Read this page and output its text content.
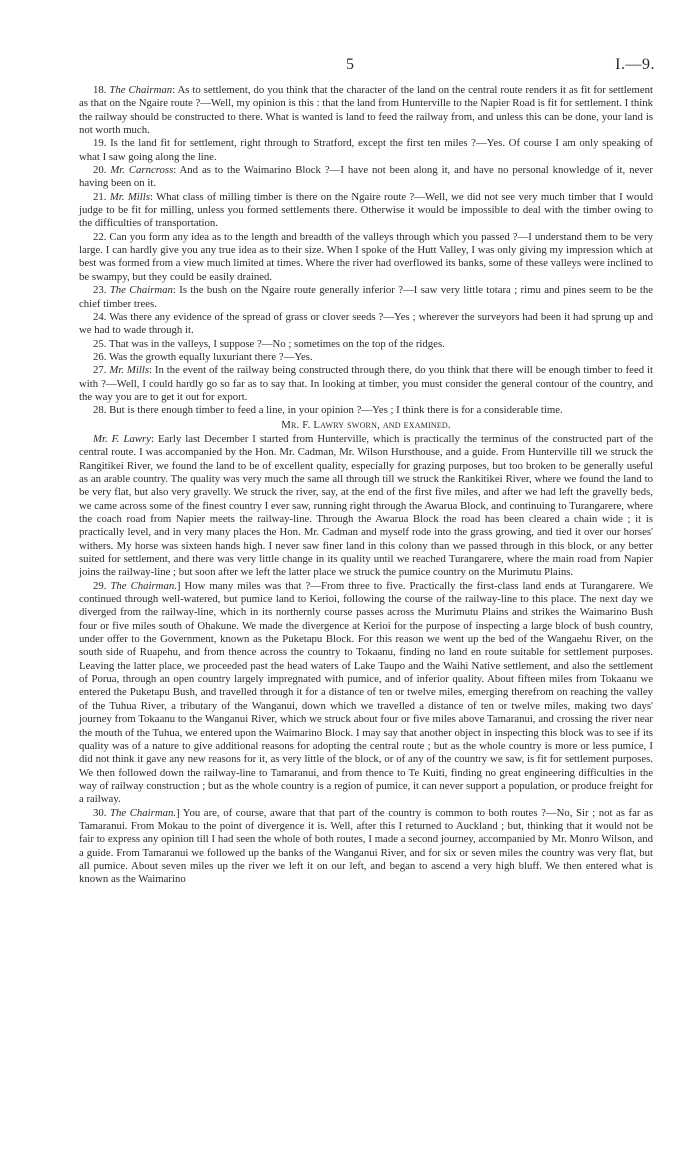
5	I.—9.

18. The Chairman: As to settlement, do you think that the character of the land on the central route renders it as fit for settlement as that on the Ngaire route ?—Well, my opinion is this : that the land from Hunterville to the Napier Road is fit for settlement. I think the railway should be constructed to there. What is wanted is land to feed the railway from, and unless this can be done, your land is not worth much.

19. Is the land fit for settlement, right through to Stratford, except the first ten miles ?—Yes. Of course I am only speaking of what I saw going along the line.

20. Mr. Carncross: And as to the Waimarino Block ?—I have not been along it, and have no personal knowledge of it, never having been on it.

21. Mr. Mills: What class of milling timber is there on the Ngaire route ?—Well, we did not see very much timber that I would judge to be fit for milling, unless you formed settlements there. Otherwise it would be impossible to deal with the timber owing to the difficulties of transportation.

22. Can you form any idea as to the length and breadth of the valleys through which you passed ?—I understand them to be very large. I can hardly give you any true idea as to their size. When I spoke of the Hutt Valley, I was only giving my impression which at best was formed from a view much limited at times. Where the river had overflowed its banks, some of these valleys were inclined to be swampy, but they could be easily drained.

23. The Chairman: Is the bush on the Ngaire route generally inferior ?—I saw very little totara ; rimu and pines seem to be the chief timber trees.

24. Was there any evidence of the spread of grass or clover seeds ?—Yes ; wherever the surveyors had been it had sprung up and we had to wade through it.

25. That was in the valleys, I suppose ?—No ; sometimes on the top of the ridges.

26. Was the growth equally luxuriant there ?—Yes.

27. Mr. Mills: In the event of the railway being constructed through there, do you think that there will be enough timber to feed it with ?—Well, I could hardly go so far as to say that. In looking at timber, you must consider the general contour of the country, and the way you are to get it out for export.

28. But is there enough timber to feed a line, in your opinion ?—Yes ; I think there is for a considerable time.

Mr. F. Lawry sworn, and examined.

Mr. F. Lawry: Early last December I started from Hunterville, which is practically the terminus of the constructed part of the central route. I was accompanied by the Hon. Mr. Cadman, Mr. Wilson Hursthouse, and a guide. From Hunterville till we struck the Rangitikei River, we found the land to be of excellent quality, especially for grazing purposes, but too broken to be generally useful as an arable country. The quality was very much the same all through till we struck the Rankitikei River, where we found the land to be very flat, but also very gravelly. We struck the river, say, at the end of the first five miles, and after we had left the gravelly beds, we came across some of the finest country I ever saw, running right through the Awarua Block, and continuing to Turangarere, where the coach road from Napier meets the railway-line. Through the Awarua Block the road has been cleared a chain wide ; it is practically level, and in very many places the Hon. Mr. Cadman and myself rode into the grass growing, and tied it over our horses' withers. My horse was sixteen hands high. I never saw finer land in this colony than we passed through in this block, or any better suited for settlement, and there was very little change in its quality until we reached Turangarere, where the main road from Napier joins the railway-line ; but soon after we left the latter place we struck the pumice country on the Murimutu Plains.

29. The Chairman.] How many miles was that ?—From three to five. Practically the first-class land ends at Turangarere. We continued through well-watered, but pumice land to Kerioi, following the course of the railway-line to this place. The next day we diverged from the railway-line, which in its northernly course passes across the Murimutu Plains and strikes the Waimarino Bush four or five miles south of Ohakune. We made the divergence at Kerioi for the purpose of inspecting a large block of bush country, under offer to the Government, known as the Puketapu Block. For this reason we went up the bed of the Wangaehu River, on the south side of Ruapehu, and from thence across the country to Tokaanu, finding no land en route suitable for settlement purposes. Leaving the latter place, we proceeded past the head waters of Lake Taupo and the Waihi Native settlement, and also the settlement of Porua, through an open country largely impregnated with pumice, and of inferior quality. About fifteen miles from Tokaanu we entered the Puketapu Bush, and travelled through it for a distance of ten or twelve miles, emerging therefrom on reaching the valley of the Tuhua River, a tributary of the Wanganui, down which we travelled a distance of ten or twelve miles, making two days' journey from Tokaanu to the Wanganui River, which we struck about four or five miles above Tamaranui, and crossing the river near the mouth of the Tuhua, we entered upon the Waimarino Block. I may say that another object in inspecting this block was to see if its quality was of a nature to give additional reasons for adopting the central route ; but as the whole country is more or less pumice, I did not think it gave any new reasons for it, as very little of the block, or of any of the country we saw, is fit for settlement purposes. We then followed down the railway-line to Tamaranui, and from thence to Te Kuiti, finding no great engineering difficulties in the way of railway construction ; but as the whole country is a region of pumice, it can never support a population, or produce freight for a railway.

30. The Chairman.] You are, of course, aware that that part of the country is common to both routes ?—No, Sir ; not as far as Tamaranui. From Mokau to the point of divergence it is. Well, after this I returned to Auckland ; but, thinking that it would not be fair to express any opinion till I had seen the whole of both routes, I made a second journey, accompanied by Mr. Monro Wilson, and a guide. From Tamaranui we followed up the banks of the Wanganui River, and for six or seven miles the country was very flat, but all pumice. About seven miles up the river we left it on our left, and began to ascend a very high bluff. We then entered what is known as the Waimarino
